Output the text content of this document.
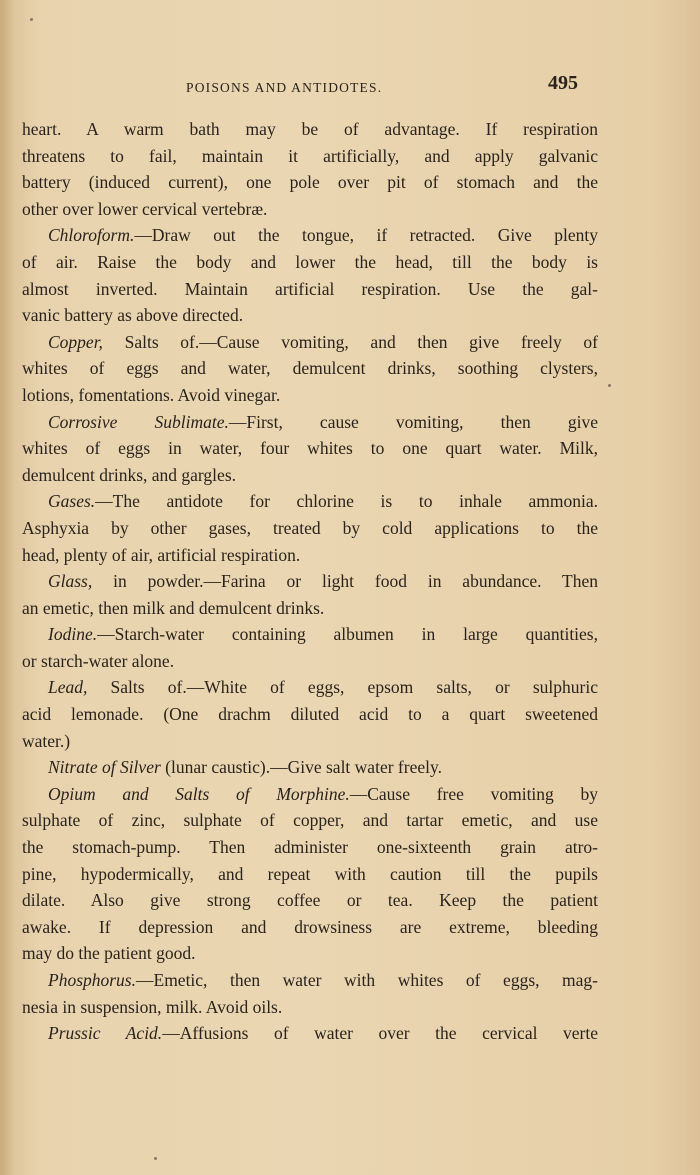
POISONS AND ANTIDOTES.	495
heart. A warm bath may be of advantage. If respiration
threatens to fail, maintain it artificially, and apply galvanic
battery (induced current), one pole over pit of stomach and the
other over lower cervical vertebræ.
Chloroform.—Draw out the tongue, if retracted. Give plenty
of air. Raise the body and lower the head, till the body is
almost inverted. Maintain artificial respiration. Use the gal-
vanic battery as above directed.
Copper, Salts of.—Cause vomiting, and then give freely of
whites of eggs and water, demulcent drinks, soothing clysters,
lotions, fomentations. Avoid vinegar.
Corrosive Sublimate.—First, cause vomiting, then give
whites of eggs in water, four whites to one quart water. Milk,
demulcent drinks, and gargles.
Gases.—The antidote for chlorine is to inhale ammonia.
Asphyxia by other gases, treated by cold applications to the
head, plenty of air, artificial respiration.
Glass, in powder.—Farina or light food in abundance. Then
an emetic, then milk and demulcent drinks.
Iodine.—Starch-water containing albumen in large quantities,
or starch-water alone.
Lead, Salts of.—White of eggs, epsom salts, or sulphuric
acid lemonade. (One drachm diluted acid to a quart sweetened
water.)
Nitrate of Silver (lunar caustic).—Give salt water freely.
Opium and Salts of Morphine.—Cause free vomiting by
sulphate of zinc, sulphate of copper, and tartar emetic, and use
the stomach-pump. Then administer one-sixteenth grain atro-
pine, hypodermically, and repeat with caution till the pupils
dilate. Also give strong coffee or tea. Keep the patient
awake. If depression and drowsiness are extreme, bleeding
may do the patient good.
Phosphorus.—Emetic, then water with whites of eggs, mag-
nesia in suspension, milk. Avoid oils.
Prussic Acid.—Affusions of water over the cervical verte
